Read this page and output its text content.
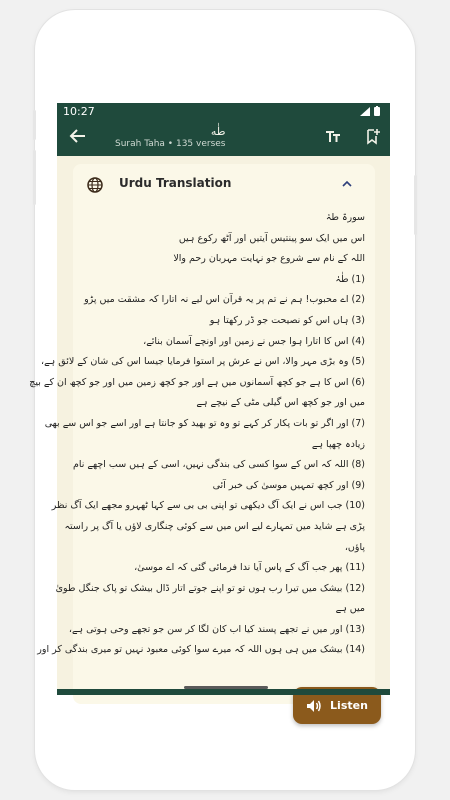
10:27
طٰه
Surah Taha • 135 verses
Urdu Translation
سورۃ طہٰ
اس میں ایک سو پینتیس آیتیں اور آٹھ رکوع ہیں
اللہ کے نام سے شروع جو نہایت مہربان رحم والا
(1) طٰہٰ
(2) اے محبوب! ہم نے تم پر یہ قرآن اس لیے نہ اتارا کہ مشقت میں پڑو
(3) ہاں اس کو نصیحت جو ڈر رکھتا ہو
(4) اس کا اتارا ہوا جس نے زمین اور اونچے آسمان بنائے،
(5) وہ بڑی مہر والا، اس نے عرش پر استوا فرمایا جیسا اس کی شان کے لائق ہے،
(6) اس کا ہے جو کچھ آسمانوں میں ہے اور جو کچھ زمین میں اور جو کچھ ان کے بیچ
میں اور جو کچھ اس گیلی مٹی کے نیچے ہے
(7) اور اگر تو بات پکار کر کہے تو وہ تو بھید کو جانتا ہے اور اسے جو اس سے بھی
زیادہ چھپا ہے
(8) اللہ کہ اس کے سوا کسی کی بندگی نہیں، اسی کے ہیں سب اچھے نام
(9) اور کچھ تمہیں موسیٰ کی خبر آئی
(10) جب اس نے ایک آگ دیکھی تو اپنی بی بی سے کہا ٹھہرو مجھے ایک آگ نظر
پڑی ہے شاید میں تمہارے لیے اس میں سے کوئی چنگاری لاؤں یا آگ پر راستہ
پاؤں،
(11) پھر جب آگ کے پاس آیا ندا فرمائی گئی کہ اے موسیٰ،
(12) بیشک میں تیرا رب ہوں تو تو اپنے جوتے اتار ڈال بیشک تو پاک جنگل طویٰ
میں ہے
(13) اور میں نے تجھے پسند کیا اب کان لگا کر سن جو تجھے وحی ہوتی ہے،
(14) بیشک میں ہی ہوں اللہ کہ میرے سوا کوئی معبود نہیں تو میری بندگی کر اور
Listen
